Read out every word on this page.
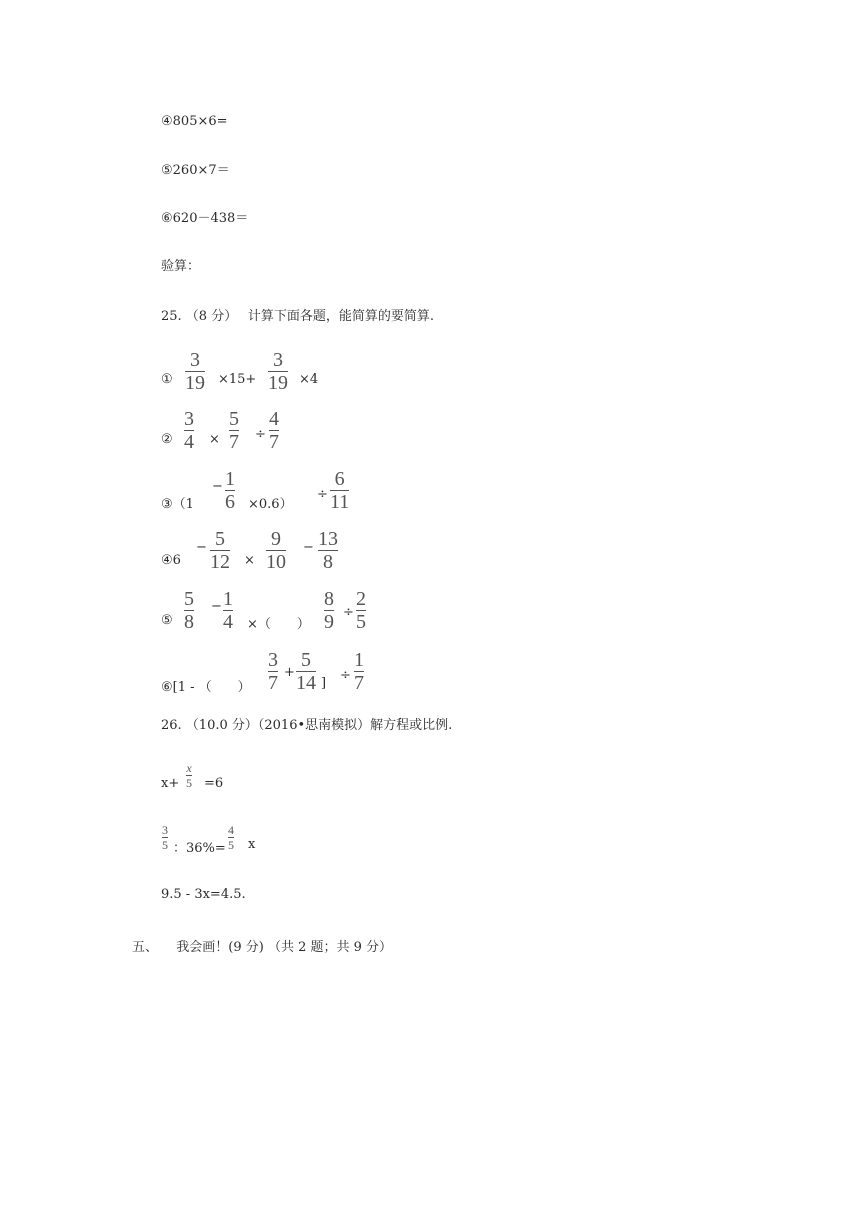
④805×6=
⑤260×7＝
⑥620－438＝
验算：
25. （8 分）　 计算下面各题，能简算的要简算.
①
3
19 ×15+
3
19 ×4
②
3
4 ×
5
7 ÷
4
7
③（1
− 1
6 ×0.6）
÷
6
11
④6
− 5
12 ×
9
10
− 13
8
⑤
5
8
− 1
4 ×（　　）
8
9 ÷
2
5
⑥[1 - （　　）
3
7 +
5
14 ]
÷
1
7
26. （10.0 分）（2016•思南模拟）解方程或比例.
x+
x
5 =6
3
5 ：36%=
4
5 x
9.5 - 3x=4.5.
五、 我会画！(9 分) （共 2 题；共 9 分）
